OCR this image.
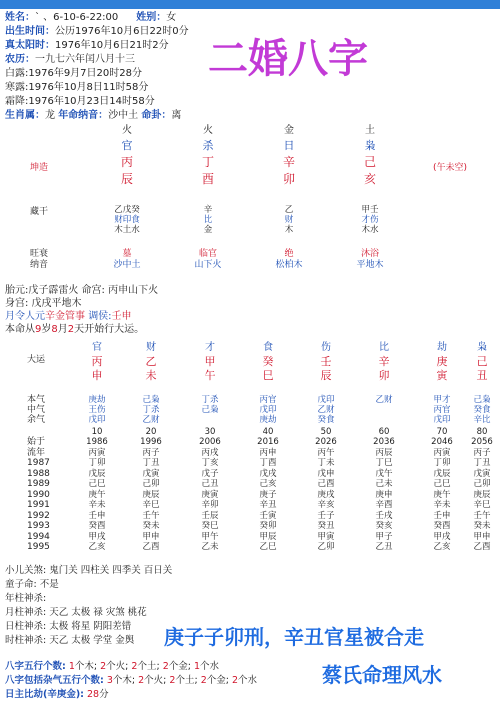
姓名：` 、6-10-6-22:00 姓别：女
出生时间：公历1976年10月6日22时0分
真太阳时：1976年10月6日21时2分
农历：一九七六年闰八月十三
白露:1976年9月7日20时28分
寒露:1976年10月8日11时58分
霜降:1976年10月23日14时58分
生肖属：龙 年命纳音：沙中土 命卦：离
二婚八字
坤造	(午未空)
藏干
旺衰
纳音
火
官
丙
辰
乙戊癸
财印食
木土水
墓
沙中土
火
杀
丁
酉
辛
比
金
临官
山下火
金
日
辛
卯
乙
财
木
绝
松柏木
土
枭
己
亥
甲壬
才伤
木水
沐浴
平地木
胎元:戊子霹雷火 命宫: 丙申山下火
身宫: 戊戌平地木
月令人元辛金管事 调侯:壬申
本命从9岁8月2天开始行大运。
大运
本气
中气
余气
始于
流年
1987
1988
1989
1990
1991
1992
1993
1994
1995
官
丙
申
庚劫
王伤
戊印
10
1986
丙寅
丁卯
戊辰
己巳
庚午
辛未
壬申
癸酉
甲戌
乙亥
财
乙
未
己枭
丁杀
乙财
20
1996
丙子
丁丑
戊寅
己卯
庚辰
辛巳
壬午
癸未
甲申
乙酉
才
甲
午
丁杀
己枭
30
2006
丙戌
丁亥
戊子
己丑
庚寅
辛卯
壬辰
癸巳
甲午
乙未
食
癸
巳
丙官
戊印
庚劫
40
2016
丙申
丁酉
戊戌
己亥
庚子
辛丑
壬寅
癸卯
甲辰
乙巳
伤
壬
辰
戊印
乙财
癸食
50
2026
丙午
丁未
戊申
己酉
庚戌
辛亥
壬子
癸丑
甲寅
乙卯
比
辛
卯
乙财
60
2036
丙辰
丁巳
戊午
己未
庚申
辛酉
壬戌
癸亥
甲子
乙丑
劫
庚
寅
甲才
丙官
戊印
70
2046
丙寅
丁卯
戊辰
己巳
庚午
辛未
壬申
癸酉
甲戌
乙亥
枭
己
丑
己枭
癸食
辛比
80
2056
丙子
丁丑
戊寅
己卯
庚辰
辛巳
壬午
癸未
甲申
乙酉
小儿关煞: 鬼门关 四柱关 四季关 百日关
童子命: 不是
年柱神杀:
月柱神杀: 天乙 太极 禄 灾煞 桃花
日柱神杀: 太极 将星 阴阳差错
时柱神杀: 天乙 太极 学堂 金舆
八字五行个数: 1个木; 2个火; 2个土; 2个金; 1个水
八字包括杂气五行个数: 3个木; 2个火; 2个土; 2个金; 2个水
日主比劫(辛庚金): 28分
庚子子卯刑，辛丑官星被合走
蔡氏命理风水
